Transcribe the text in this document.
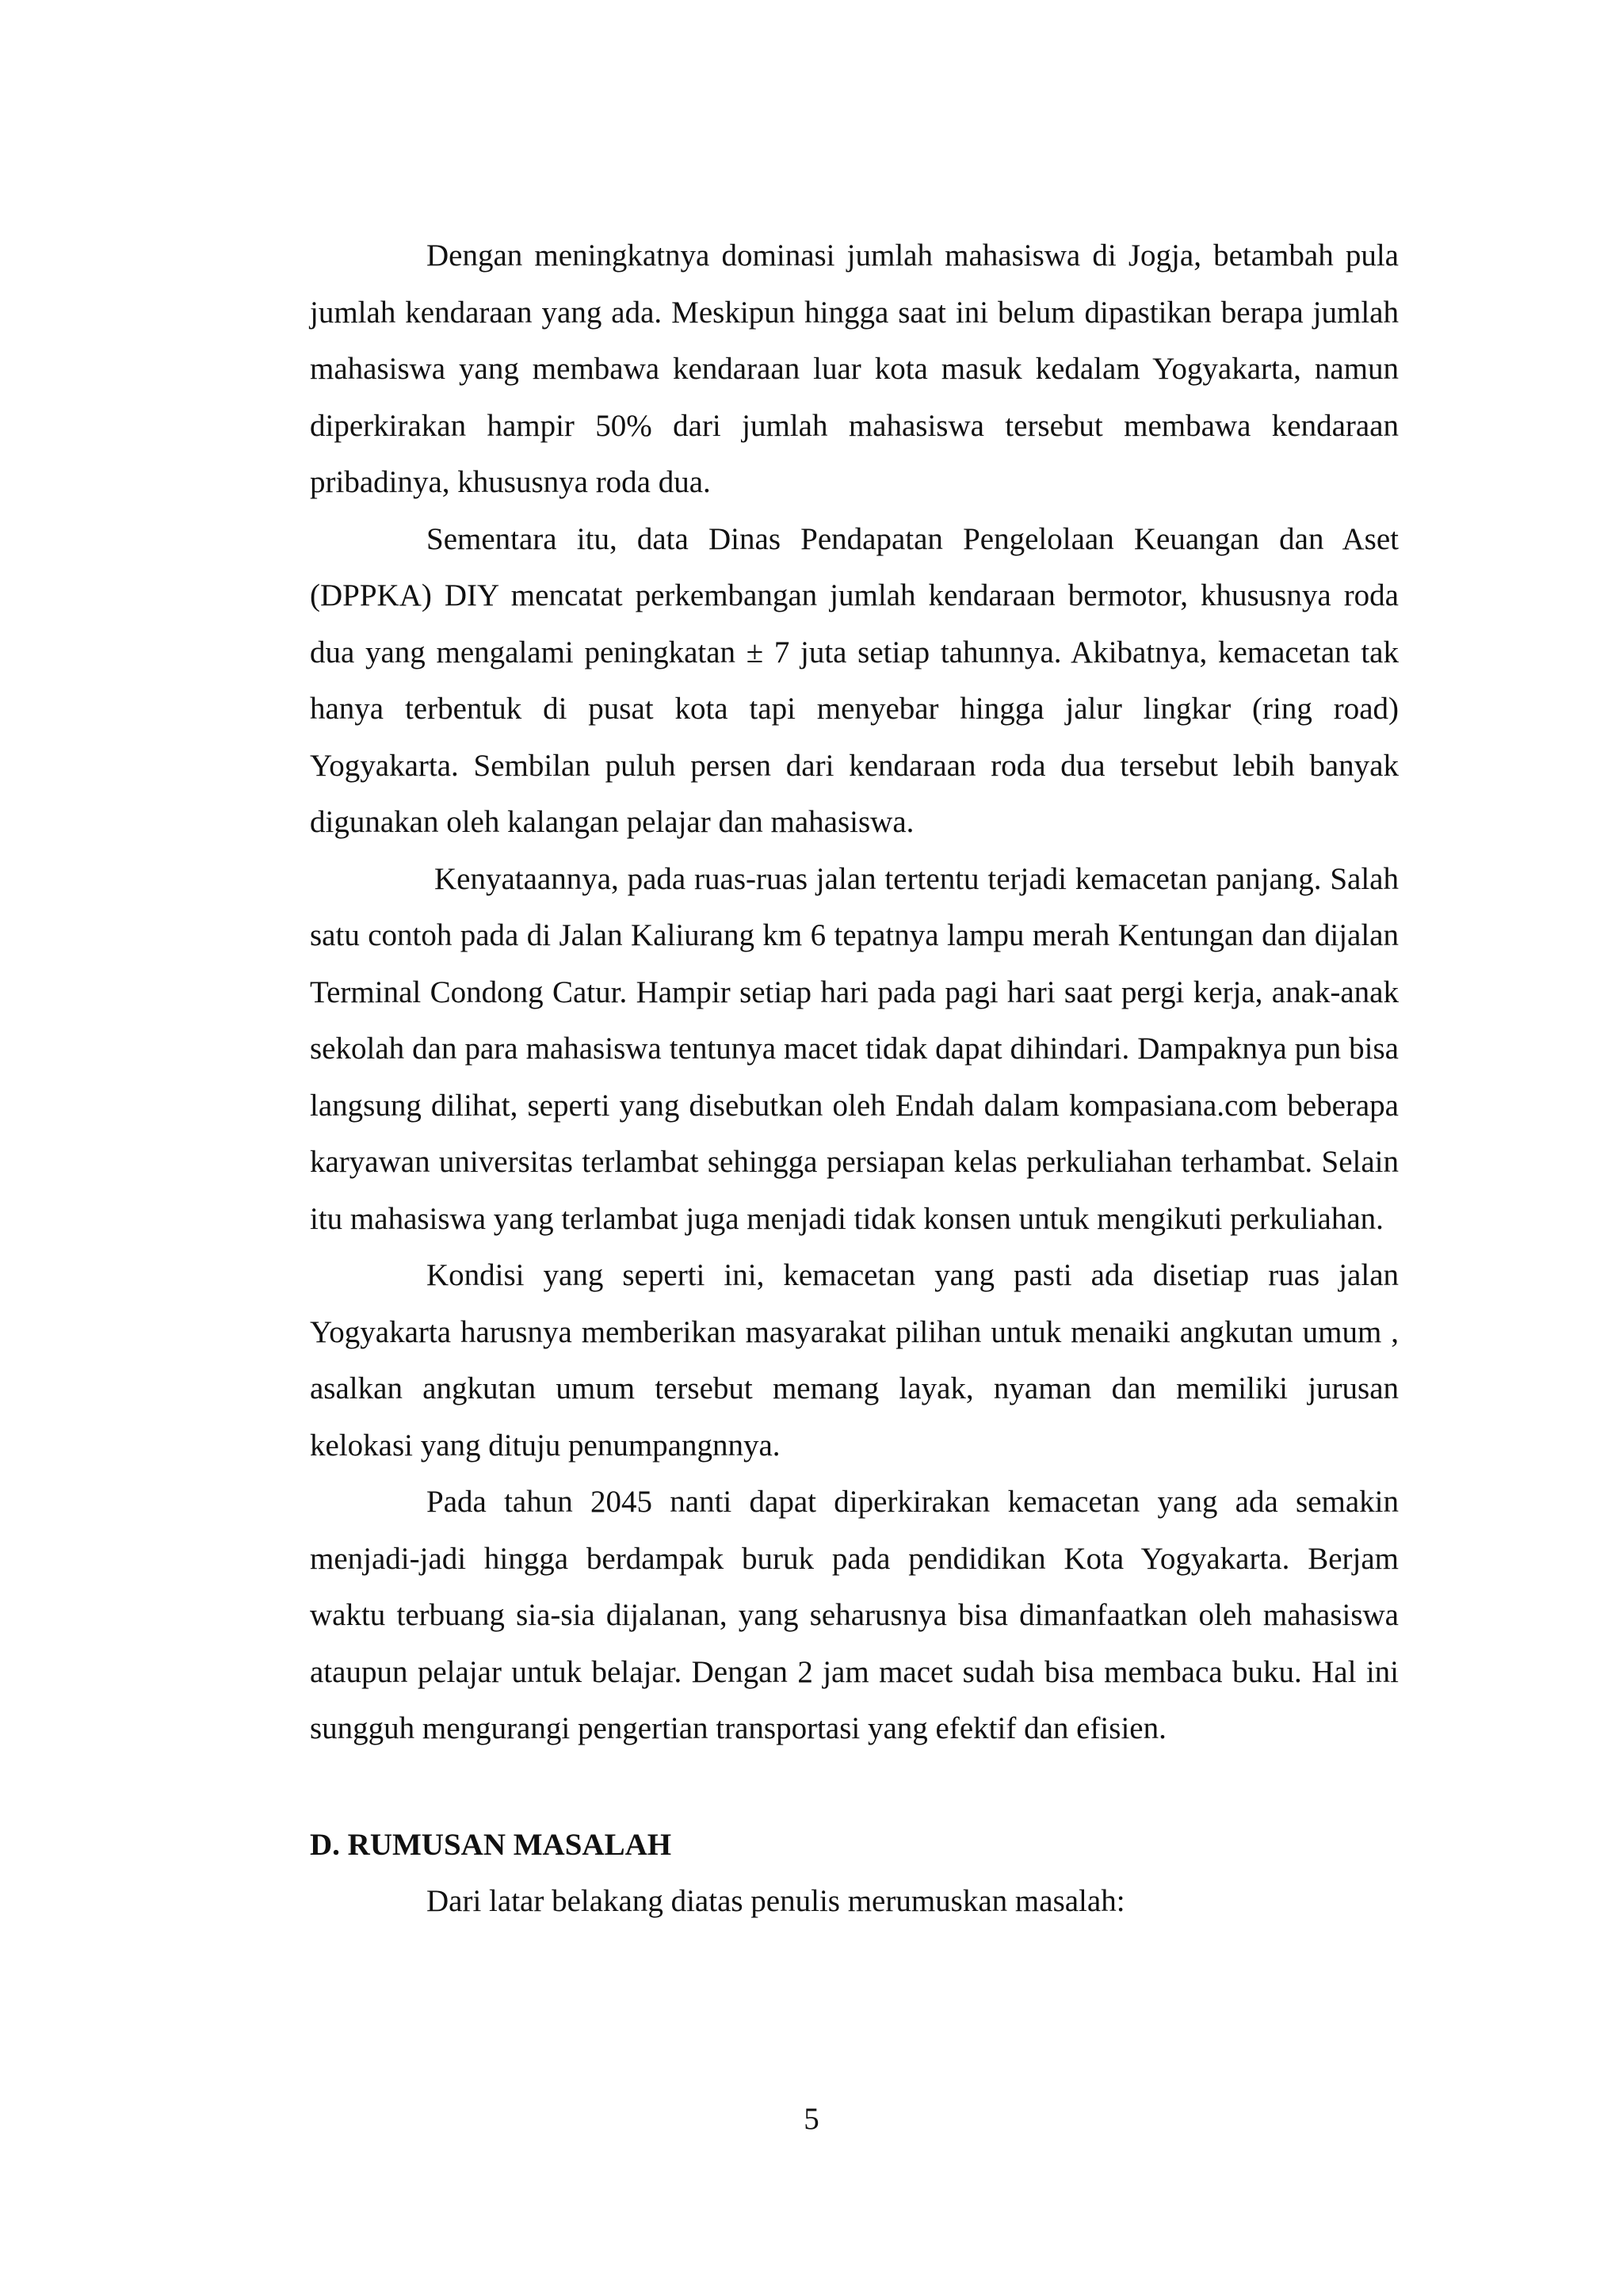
Dengan meningkatnya dominasi jumlah mahasiswa di Jogja, betambah pula jumlah kendaraan yang ada. Meskipun hingga saat ini belum dipastikan berapa jumlah mahasiswa yang membawa kendaraan luar kota masuk kedalam Yogyakarta, namun diperkirakan hampir 50% dari jumlah mahasiswa tersebut membawa kendaraan pribadinya, khususnya roda dua.

Sementara itu, data Dinas Pendapatan Pengelolaan Keuangan dan Aset (DPPKA) DIY mencatat perkembangan jumlah kendaraan bermotor, khususnya roda dua yang mengalami peningkatan ± 7 juta setiap tahunnya. Akibatnya, kemacetan tak hanya terbentuk di pusat kota tapi menyebar hingga jalur lingkar (ring road) Yogyakarta. Sembilan puluh persen dari kendaraan roda dua tersebut lebih banyak digunakan oleh kalangan pelajar dan mahasiswa.

Kenyataannya, pada ruas-ruas jalan tertentu terjadi kemacetan panjang. Salah satu contoh pada di Jalan Kaliurang km 6 tepatnya lampu merah Kentungan dan dijalan Terminal Condong Catur. Hampir setiap hari pada pagi hari saat pergi kerja, anak-anak sekolah dan para mahasiswa tentunya macet tidak dapat dihindari. Dampaknya pun bisa langsung dilihat, seperti yang disebutkan oleh Endah dalam kompasiana.com beberapa karyawan universitas terlambat sehingga persiapan kelas perkuliahan terhambat. Selain itu mahasiswa yang terlambat juga menjadi tidak konsen untuk mengikuti perkuliahan.

Kondisi yang seperti ini, kemacetan yang pasti ada disetiap ruas jalan Yogyakarta harusnya memberikan masyarakat pilihan untuk menaiki angkutan umum , asalkan angkutan umum tersebut memang layak, nyaman dan memiliki jurusan kelokasi yang dituju penumpangnnya.

Pada tahun 2045 nanti dapat diperkirakan kemacetan yang ada semakin menjadi-jadi hingga berdampak buruk pada pendidikan Kota Yogyakarta. Berjam waktu terbuang sia-sia dijalanan, yang seharusnya bisa dimanfaatkan oleh mahasiswa ataupun pelajar untuk belajar. Dengan 2 jam macet sudah bisa membaca buku. Hal ini sungguh mengurangi pengertian transportasi yang efektif dan efisien.

D. RUMUSAN MASALAH

Dari latar belakang diatas penulis merumuskan masalah:

5
